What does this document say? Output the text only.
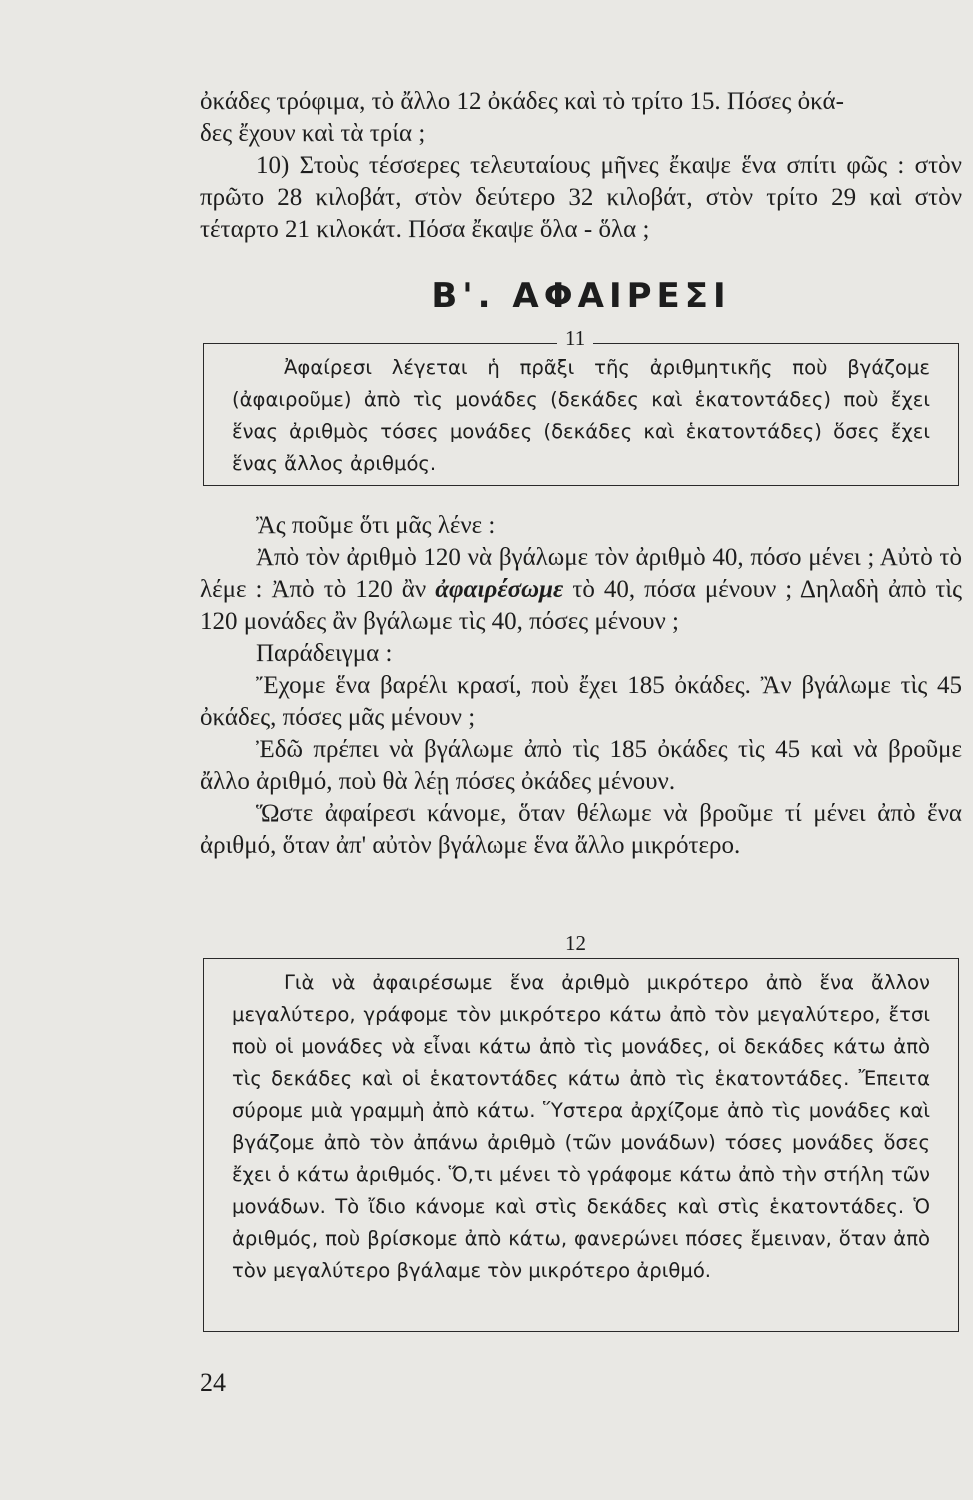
ὀκάδες τρόφιμα, τὸ ἄλλο 12 ὀκάδες καὶ τὸ τρίτο 15. Πόσες ὀκά-

δες ἔχουν καὶ τὰ τρία ;

10) Στοὺς τέσσερες τελευταίους μῆνες ἔκαψε ἕνα σπίτι φῶς : στὸν πρῶτο 28 κιλοβάτ, στὸν δεύτερο 32 κιλοβάτ, στὸν τρίτο 29 καὶ στὸν τέταρτο 21 κιλοκάτ. Πόσα ἔκαψε ὅλα - ὅλα ;

Β'. ΑΦΑΙΡΕΣΙ
11

Ἀφαίρεσι λέγεται ἡ πρᾶξι τῆς ἀριθμητικῆς ποὺ βγάζομε (ἀφαιροῦμε) ἀπὸ τὶς μονάδες (δεκάδες καὶ ἑκατοντάδες) ποὺ ἔχει ἕνας ἀριθμὸς τόσες μονάδες (δεκάδες καὶ ἑκατοντάδες) ὅσες ἔχει ἕνας ἄλλος ἀριθμός.

Ἂς ποῦμε ὅτι μᾶς λένε :

Ἀπὸ τὸν ἀριθμὸ 120 νὰ βγάλωμε τὸν ἀριθμὸ 40, πόσο μένει ; Αὐτὸ τὸ λέμε : Ἀπὸ τὸ 120 ἂν ἀφαιρέσωμε τὸ 40, πόσα μένουν ; Δηλαδὴ ἀπὸ τὶς 120 μονάδες ἂν βγάλωμε τὶς 40, πόσες μένουν ;

Παράδειγμα :

Ἔχομε ἕνα βαρέλι κρασί, ποὺ ἔχει 185 ὀκάδες. Ἂν βγάλωμε τὶς 45 ὀκάδες, πόσες μᾶς μένουν ;

Ἐδῶ πρέπει νὰ βγάλωμε ἀπὸ τὶς 185 ὀκάδες τὶς 45 καὶ νὰ βροῦμε ἄλλο ἀριθμό, ποὺ θὰ λέῃ πόσες ὀκάδες μένουν.

Ὥστε ἀφαίρεσι κάνομε, ὅταν θέλωμε νὰ βροῦμε τί μένει ἀπὸ ἕνα ἀριθμό, ὅταν ἀπ' αὐτὸν βγάλωμε ἕνα ἄλλο μικρότερο.

12

Γιὰ νὰ ἀφαιρέσωμε ἕνα ἀριθμὸ μικρότερο ἀπὸ ἕνα ἄλλον μεγαλύτερο, γράφομε τὸν μικρότερο κάτω ἀπὸ τὸν μεγαλύτερο, ἔτσι ποὺ οἱ μονάδες νὰ εἶναι κάτω ἀπὸ τὶς μονάδες, οἱ δεκάδες κάτω ἀπὸ τὶς δεκάδες καὶ οἱ ἑκατοντάδες κάτω ἀπὸ τὶς ἑκατοντάδες. Ἔπειτα σύρομε μιὰ γραμμὴ ἀπὸ κάτω. Ὕστερα ἀρχίζομε ἀπὸ τὶς μονάδες καὶ βγάζομε ἀπὸ τὸν ἀπάνω ἀριθμὸ (τῶν μονάδων) τόσες μονάδες ὅσες ἔχει ὁ κάτω ἀριθμός. Ὅ,τι μένει τὸ γράφομε κάτω ἀπὸ τὴν στήλη τῶν μονάδων. Τὸ ἴδιο κάνομε καὶ στὶς δεκάδες καὶ στὶς ἑκατοντάδες. Ὁ ἀριθμός, ποὺ βρίσκομε ἀπὸ κάτω, φανερώνει πόσες ἔμειναν, ὅταν ἀπὸ τὸν μεγαλύτερο βγάλαμε τὸν μικρότερο ἀριθμό.

24
